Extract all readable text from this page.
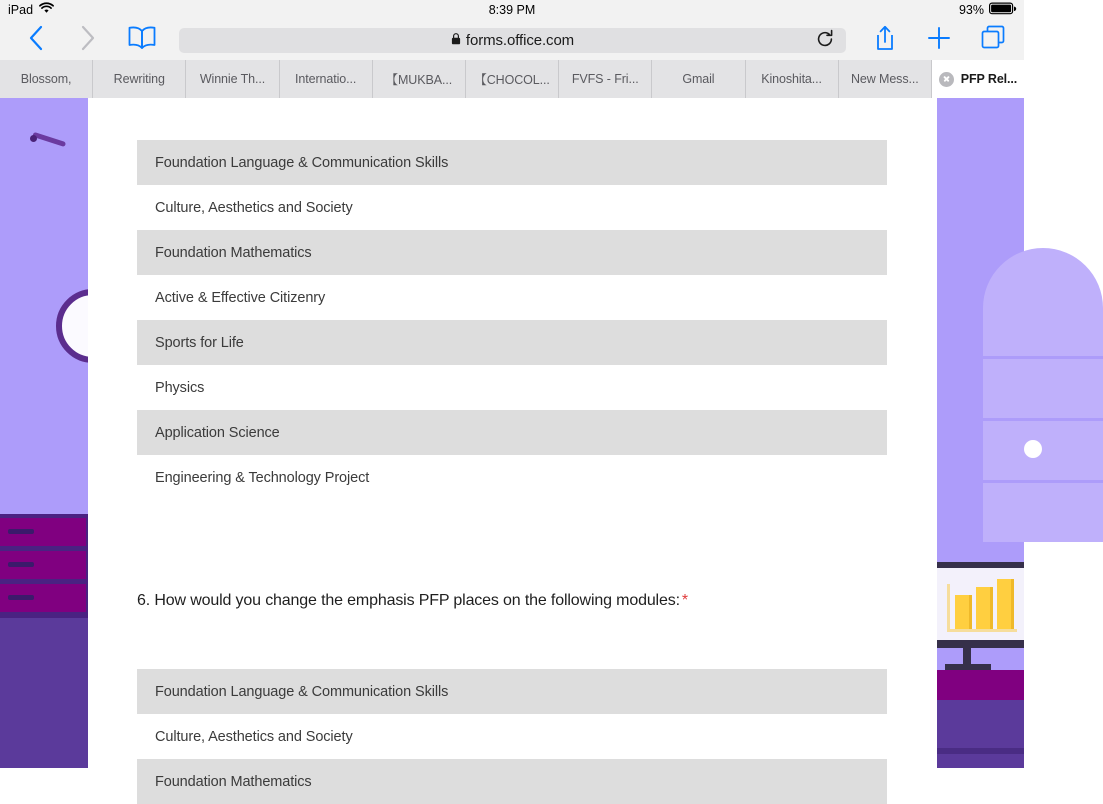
iPad	8:39 PM	93%
forms.office.com
Blossom,	Rewriting	Winnie Th... Internatio... 【MUKBA... 【CHOCOL... FVFS - Fri...	Gmail	Kinoshita... New Mess...	PFP Rel...
Foundation Language & Communication Skills
Culture, Aesthetics and Society
Foundation Mathematics
Active & Effective Citizenry
Sports for Life
Physics
Application Science
Engineering & Technology Project
6. How would you change the emphasis PFP places on the following modules: *
Foundation Language & Communication Skills
Culture, Aesthetics and Society
Foundation Mathematics
